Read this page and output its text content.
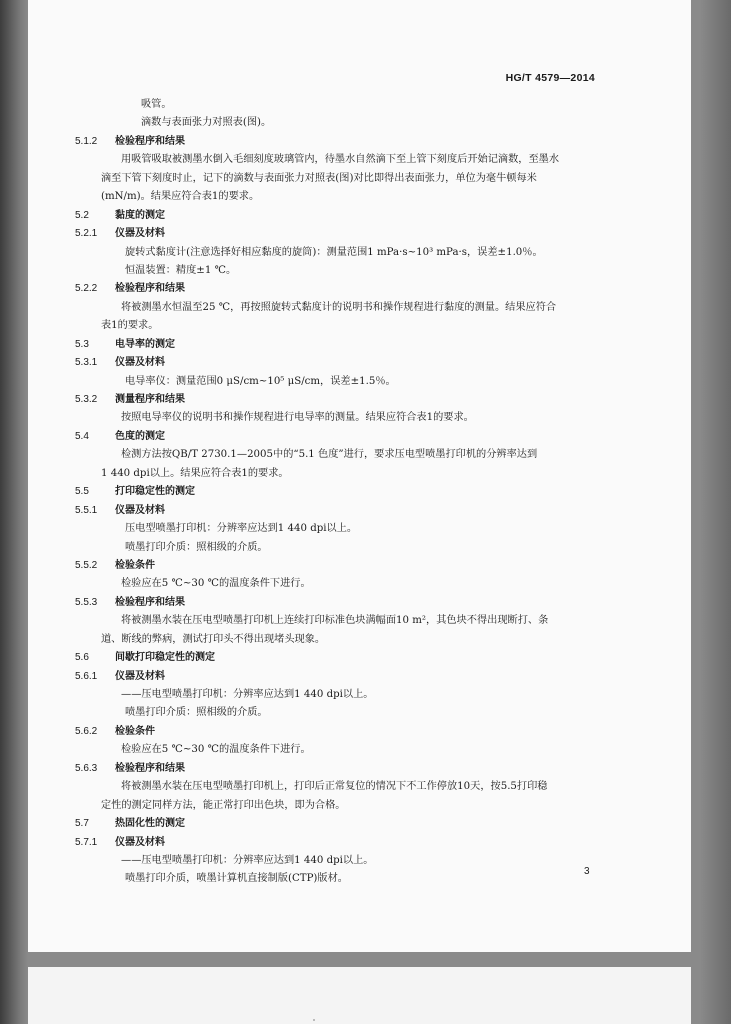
HG/T 4579—2014
吸管。
滴数与表面张力对照表(图)。
5.1.2 检验程序和结果
用吸管吸取被测墨水倒入毛细刻度玻璃管内，待墨水自然滴下至上管下刻度后开始记滴数，至墨水
滴至下管下刻度时止，记下的滴数与表面张力对照表(图)对比即得出表面张力，单位为毫牛顿每米
(mN/m)。结果应符合表1的要求。
5.2	黏度的测定
5.2.1 仪器及材料
旋转式黏度计(注意选择好相应黏度的旋筒)：测量范围1 mPa·s~10³ mPa·s，误差±1.0％。
恒温装置：精度±1 ℃。
5.2.2 检验程序和结果
将被测墨水恒温至25 ℃，再按照旋转式黏度计的说明书和操作规程进行黏度的测量。结果应符合
表1的要求。
5.3	电导率的测定
5.3.1 仪器及材料
电导率仪：测量范围0 μS/cm~10⁵ μS/cm，误差±1.5％。
5.3.2 测量程序和结果
按照电导率仪的说明书和操作规程进行电导率的测量。结果应符合表1的要求。
5.4	色度的测定
检测方法按QB/T 2730.1—2005中的“5.1 色度”进行，要求压电型喷墨打印机的分辨率达到
1 440 dpi以上。结果应符合表1的要求。
5.5	打印稳定性的测定
5.5.1 仪器及材料
压电型喷墨打印机：分辨率应达到1 440 dpi以上。
喷墨打印介质：照相级的介质。
5.5.2 检验条件
检验应在5 ℃~30 ℃的温度条件下进行。
5.5.3 检验程序和结果
将被测墨水装在压电型喷墨打印机上连续打印标准色块满幅面10 m²，其色块不得出现断打、条
道、断线的弊病，测试打印头不得出现堵头现象。
5.6	间歇打印稳定性的测定
5.6.1 仪器及材料
——压电型喷墨打印机：分辨率应达到1 440 dpi以上。
喷墨打印介质：照相级的介质。
5.6.2 检验条件
检验应在5 ℃~30 ℃的温度条件下进行。
5.6.3 检验程序和结果
将被测墨水装在压电型喷墨打印机上，打印后正常复位的情况下不工作停放10天，按5.5打印稳
定性的测定同样方法，能正常打印出色块，即为合格。
5.7	热固化性的测定
5.7.1 仪器及材料
——压电型喷墨打印机：分辨率应达到1 440 dpi以上。
喷墨打印介质，喷墨计算机直接制版(CTP)版材。
3
